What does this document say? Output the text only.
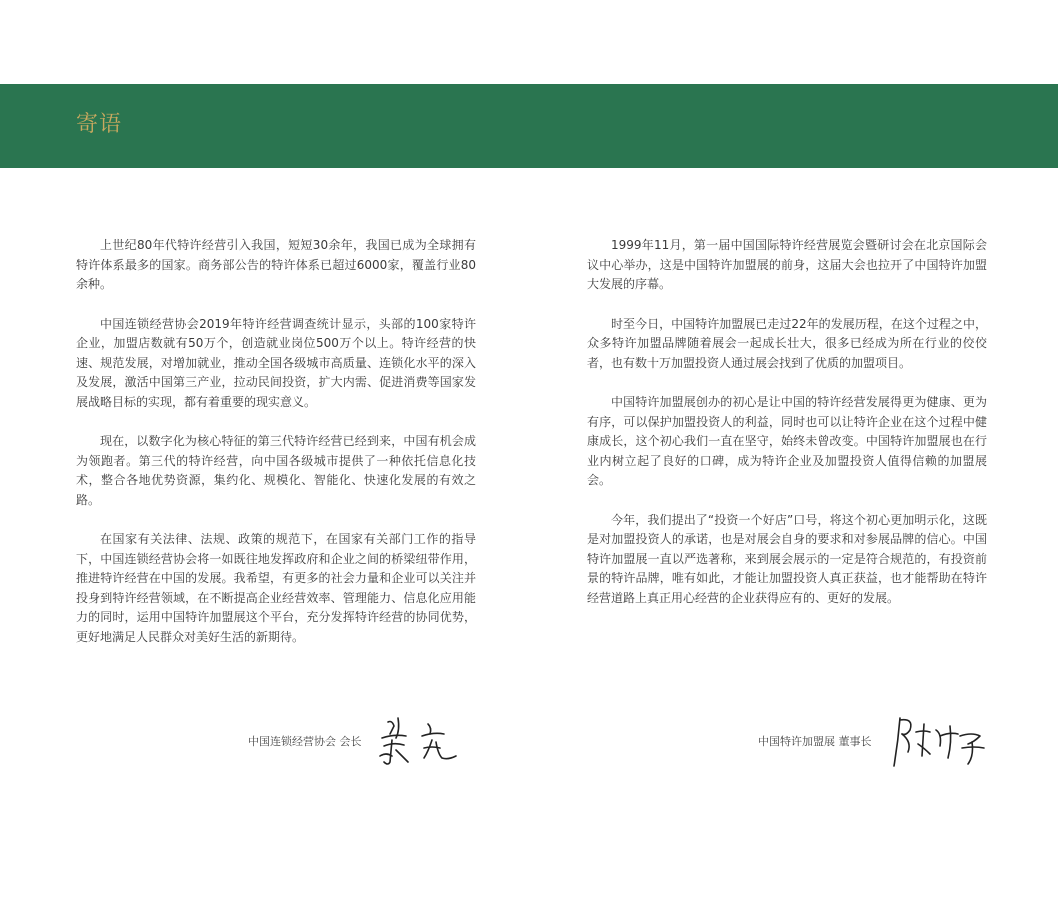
寄语

上世纪80年代特许经营引入我国，短短30余年，我国已成为全球拥有特许体系最多的国家。商务部公告的特许体系已超过6000家，覆盖行业80余种。

中国连锁经营协会2019年特许经营调查统计显示，头部的100家特许企业，加盟店数就有50万个，创造就业岗位500万个以上。特许经营的快速、规范发展，对增加就业，推动全国各级城市高质量、连锁化水平的深入及发展，激活中国第三产业，拉动民间投资，扩大内需、促进消费等国家发展战略目标的实现，都有着重要的现实意义。

现在，以数字化为核心特征的第三代特许经营已经到来，中国有机会成为领跑者。第三代的特许经营，向中国各级城市提供了一种依托信息化技术，整合各地优势资源，集约化、规模化、智能化、快速化发展的有效之路。

在国家有关法律、法规、政策的规范下，在国家有关部门工作的指导下，中国连锁经营协会将一如既往地发挥政府和企业之间的桥梁纽带作用，推进特许经营在中国的发展。我希望，有更多的社会力量和企业可以关注并投身到特许经营领域，在不断提高企业经营效率、管理能力、信息化应用能力的同时，运用中国特许加盟展这个平台，充分发挥特许经营的协同优势，更好地满足人民群众对美好生活的新期待。

1999年11月，第一届中国国际特许经营展览会暨研讨会在北京国际会议中心举办，这是中国特许加盟展的前身，这届大会也拉开了中国特许加盟大发展的序幕。

时至今日，中国特许加盟展已走过22年的发展历程，在这个过程之中，众多特许加盟品牌随着展会一起成长壮大，很多已经成为所在行业的佼佼者，也有数十万加盟投资人通过展会找到了优质的加盟项目。

中国特许加盟展创办的初心是让中国的特许经营发展得更为健康、更为有序，可以保护加盟投资人的利益，同时也可以让特许企业在这个过程中健康成长，这个初心我们一直在坚守，始终未曾改变。中国特许加盟展也在行业内树立起了良好的口碑，成为特许企业及加盟投资人值得信赖的加盟展会。

今年，我们提出了“投资一个好店”口号，将这个初心更加明示化，这既是对加盟投资人的承诺，也是对展会自身的要求和对参展品牌的信心。中国特许加盟展一直以严选著称，来到展会展示的一定是符合规范的，有投资前景的特许品牌，唯有如此，才能让加盟投资人真正获益，也才能帮助在特许经营道路上真正用心经营的企业获得应有的、更好的发展。

中国连锁经营协会 会长	中国特许加盟展 董事长
